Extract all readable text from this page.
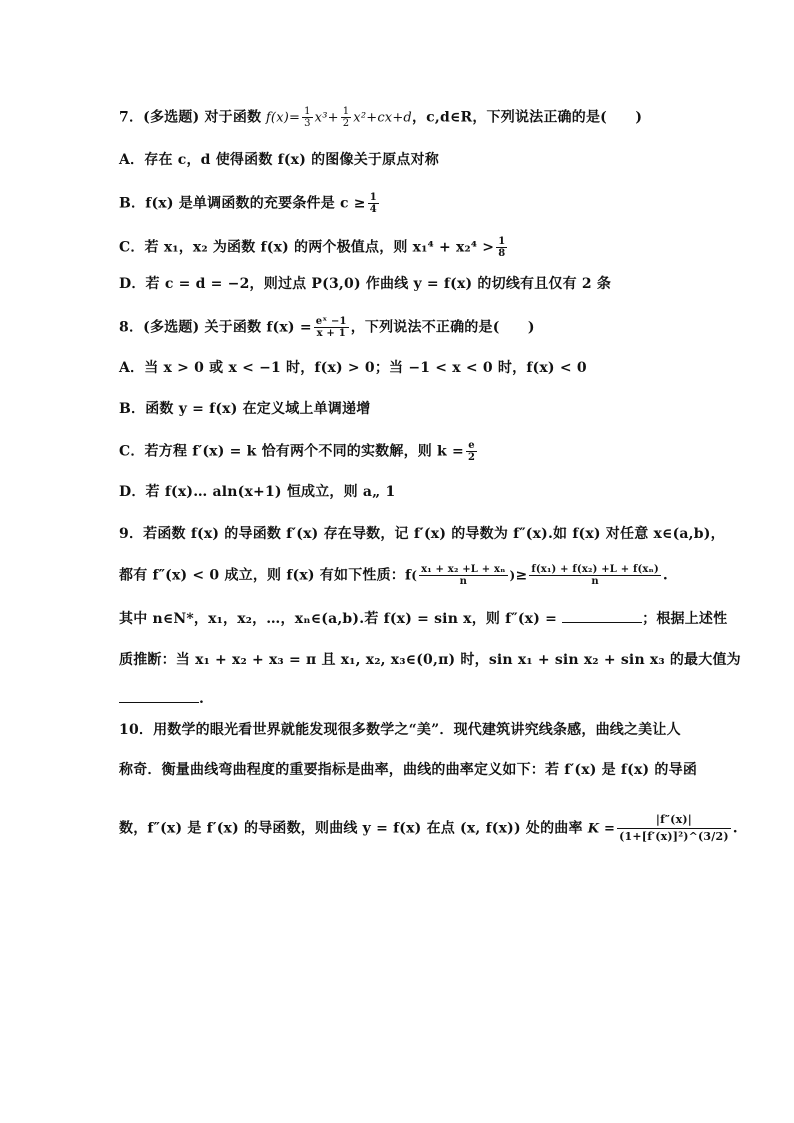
7．(多选题) 对于函数 $f(x)= \frac{1}{3} x^3+ \frac{1}{2} x^2+cx+d$，c,d∈R，下列说法正确的是(　　)
A．存在 c，d 使得函数 f(x) 的图像关于原点对称
B．f(x) 是单调函数的充要条件是 $c \ge \frac{1}{4}$
C．若 x₁，x₂ 为函数 f(x) 的两个极值点，则 $x_1^4 + x_2^4 > \frac{1}{8}$
D．若 c = d = −2，则过点 P(3,0) 作曲线 y = f(x) 的切线有且仅有 2 条
8．(多选题) 关于函数 $f(x) = \frac{\text{eˣ −1}}{x + 1}$ ，下列说法不正确的是(　　)
A．当 x > 0 或 x < −1 时，f(x) > 0；当 −1 < x < 0 时，f(x) < 0
B．函数 y = f(x) 在定义域上单调递增
C．若方程 f′(x) = k 恰有两个不同的实数解，则 $k = \frac{e}{2}$
D．若 f(x)… aln(x+1) 恒成立，则 a„ 1
9．若函数 f(x) 的导函数 f′(x) 存在导数，记 f′(x) 的导数为 f″(x).如 f(x) 对任意 x∈(a,b)，
都有 f″(x) < 0 成立，则 f(x) 有如下性质：$f( \frac{\text{x₁ + x₂ +L + xₙ}}{n}$ )≥ $\frac{\text{f(x₁) + f(x₂) +L + f(xₙ)}}{n}$ .
其中 n∈N*，x₁，x₂，…，xₙ∈(a,b).若 f(x) = sin x，则 f″(x) =	；根据上述性
质推断：当 x₁ + x₂ + x₃ = π 且 x₁, x₂, x₃∈(0,π) 时，sin x₁ + sin x₂ + sin x₃ 的最大值为
.
10．用数学的眼光看世界就能发现很多数学之“美”．现代建筑讲究线条感，曲线之美让人
称奇．衡量曲线弯曲程度的重要指标是曲率，曲线的曲率定义如下：若 f′(x) 是 f(x) 的导函
数，f″(x) 是 f′(x) 的导函数，则曲线 y = f(x) 在点 (x, f(x)) 处的曲率 $K = \frac{|f''(x)|}{\text{(1+[f′(x)]²)\textasciicircum{}(3/2)}}$ .
